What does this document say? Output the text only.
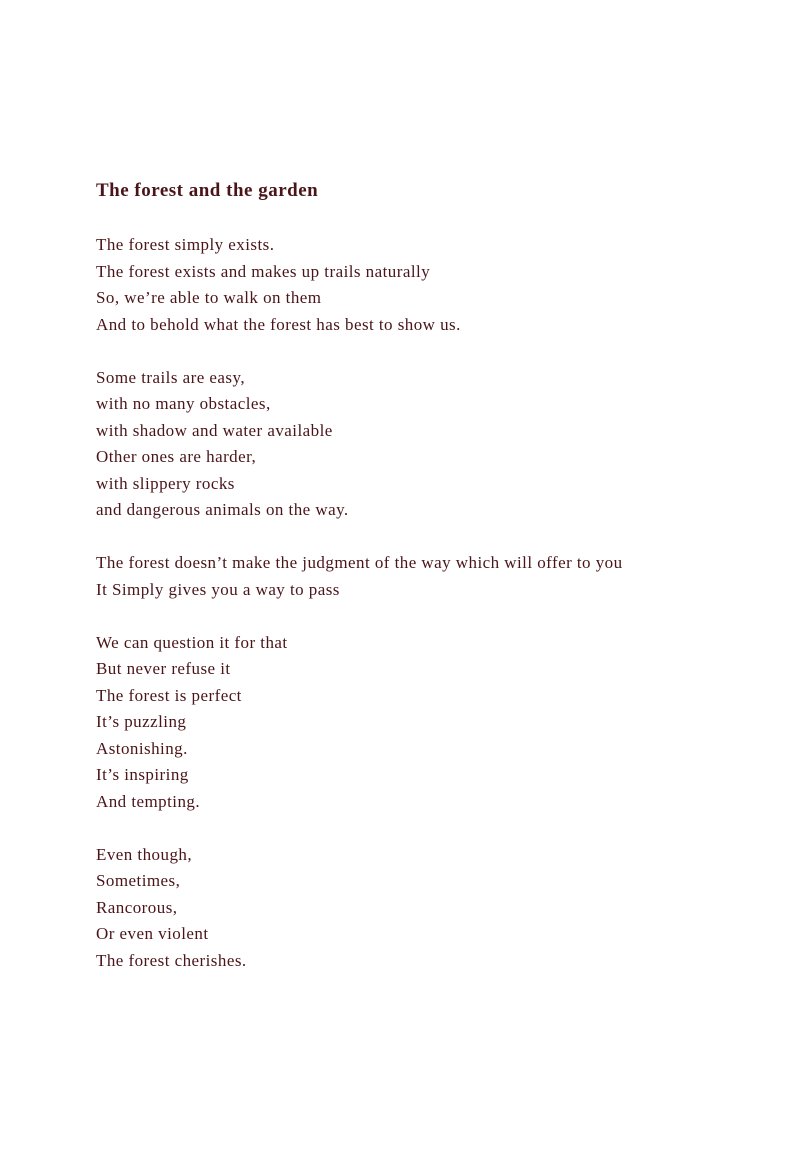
The forest and the garden
The forest simply exists.
The forest exists and makes up trails naturally
So, we’re able to walk on them
And to behold what the forest has best to show us.
Some trails are easy,
with no many obstacles,
with shadow and water available
Other ones are harder,
with slippery rocks
and dangerous animals on the way.
The forest doesn’t make the judgment of the way which will offer to you
It Simply gives you a way to pass
We can question it for that
But never refuse it
The forest is perfect
It’s puzzling
Astonishing.
It’s inspiring
And tempting.
Even though,
Sometimes,
Rancorous,
Or even violent
The forest cherishes.
